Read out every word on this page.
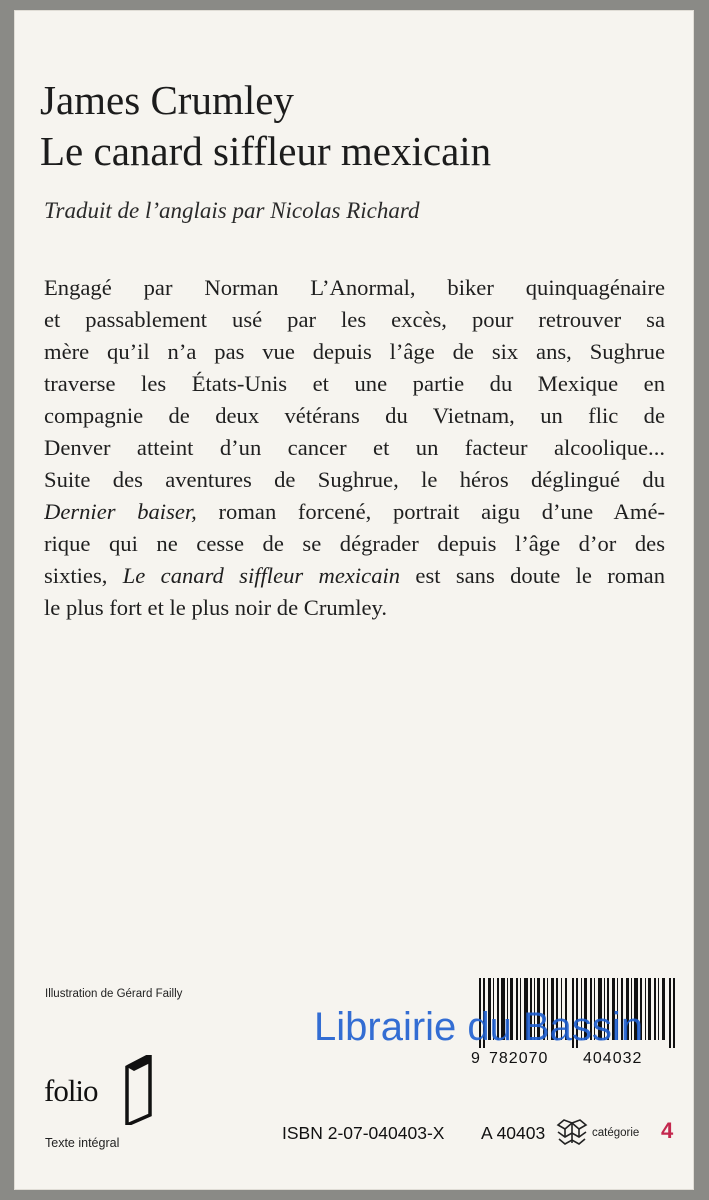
James Crumley
Le canard siffleur mexicain
Traduit de l’anglais par Nicolas Richard
Engagé par Norman L’Anormal, biker quinquagénaire
et passablement usé par les excès, pour retrouver sa
mère qu’il n’a pas vue depuis l’âge de six ans, Sughrue
traverse les États-Unis et une partie du Mexique en
compagnie de deux vétérans du Vietnam, un flic de
Denver atteint d’un cancer et un facteur alcoolique...
Suite des aventures de Sughrue, le héros déglingué du
Dernier baiser, roman forcené, portrait aigu d’une Amé-
rique qui ne cesse de se dégrader depuis l’âge d’or des
sixties, Le canard siffleur mexicain est sans doute le roman
le plus fort et le plus noir de Crumley.
Illustration de Gérard Failly
9 782070 404032
Librairie du Bassin
folio
Texte intégral	ISBN 2-07-040403-X A 40403	catégorie 4
